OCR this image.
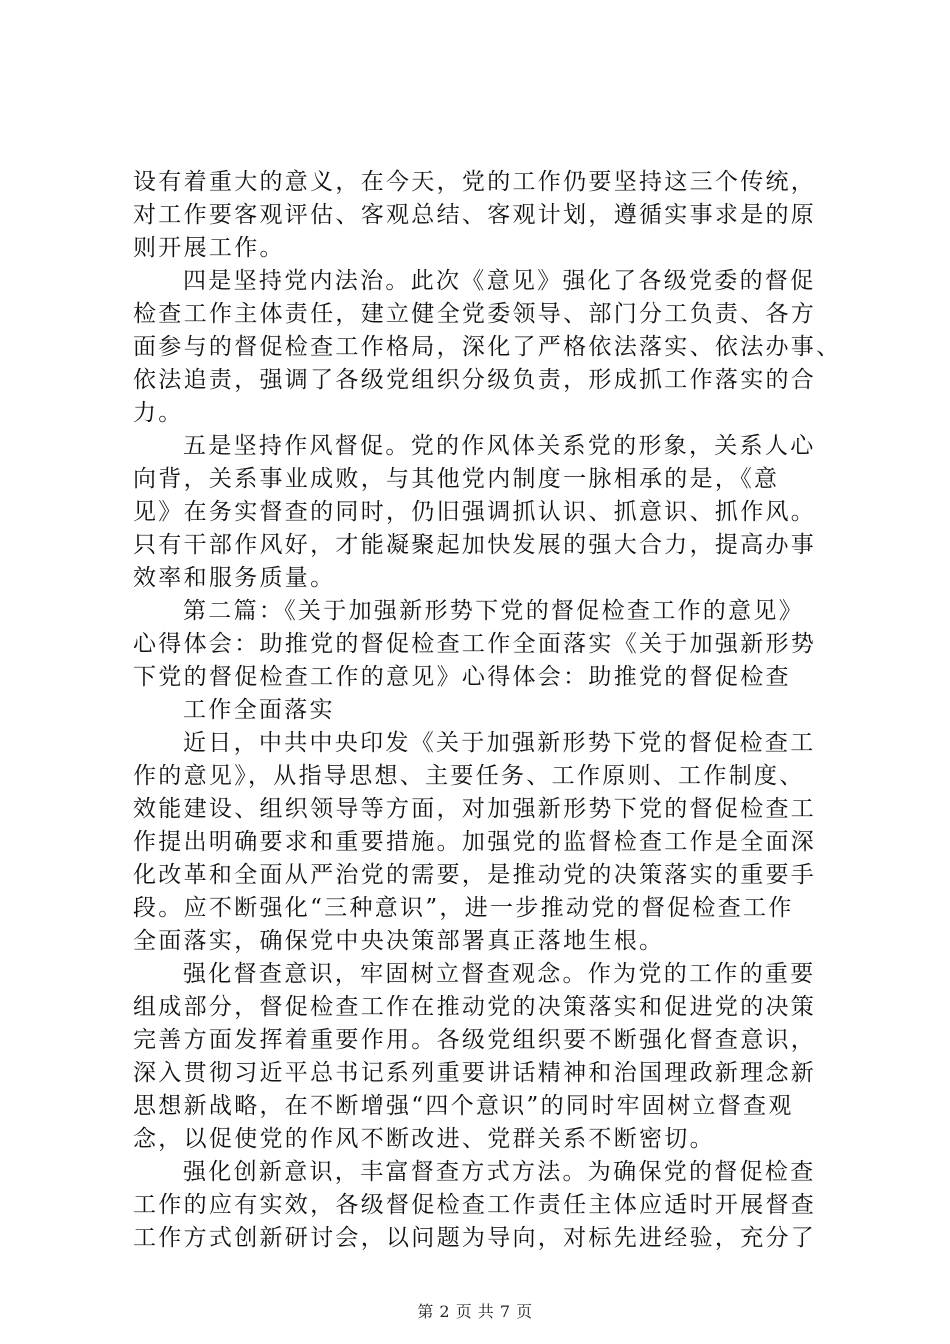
设有着重大的意义，在今天，党的工作仍要坚持这三个传统，
对工作要客观评估、客观总结、客观计划，遵循实事求是的原
则开展工作。
四是坚持党内法治。此次《意见》强化了各级党委的督促
检查工作主体责任，建立健全党委领导、部门分工负责、各方
面参与的督促检查工作格局，深化了严格依法落实、依法办事、
依法追责，强调了各级党组织分级负责，形成抓工作落实的合
力。
五是坚持作风督促。党的作风体关系党的形象，关系人心
向背，关系事业成败，与其他党内制度一脉相承的是，《意
见》在务实督查的同时，仍旧强调抓认识、抓意识、抓作风。
只有干部作风好，才能凝聚起加快发展的强大合力，提高办事
效率和服务质量。
第二篇：《关于加强新形势下党的督促检查工作的意见》
心得体会：助推党的督促检查工作全面落实《关于加强新形势
下党的督促检查工作的意见》心得体会：助推党的督促检查
工作全面落实
近日，中共中央印发《关于加强新形势下党的督促检查工
作的意见》，从指导思想、主要任务、工作原则、工作制度、
效能建设、组织领导等方面，对加强新形势下党的督促检查工
作提出明确要求和重要措施。加强党的监督检查工作是全面深
化改革和全面从严治党的需要，是推动党的决策落实的重要手
段。应不断强化“三种意识”，进一步推动党的督促检查工作
全面落实，确保党中央决策部署真正落地生根。
强化督查意识，牢固树立督查观念。作为党的工作的重要
组成部分，督促检查工作在推动党的决策落实和促进党的决策
完善方面发挥着重要作用。各级党组织要不断强化督查意识，
深入贯彻习近平总书记系列重要讲话精神和治国理政新理念新
思想新战略，在不断增强“四个意识”的同时牢固树立督查观
念，以促使党的作风不断改进、党群关系不断密切。
强化创新意识，丰富督查方式方法。为确保党的督促检查
工作的应有实效，各级督促检查工作责任主体应适时开展督查
工作方式创新研讨会，以问题为导向，对标先进经验，充分了
第 2 页 共 7 页
